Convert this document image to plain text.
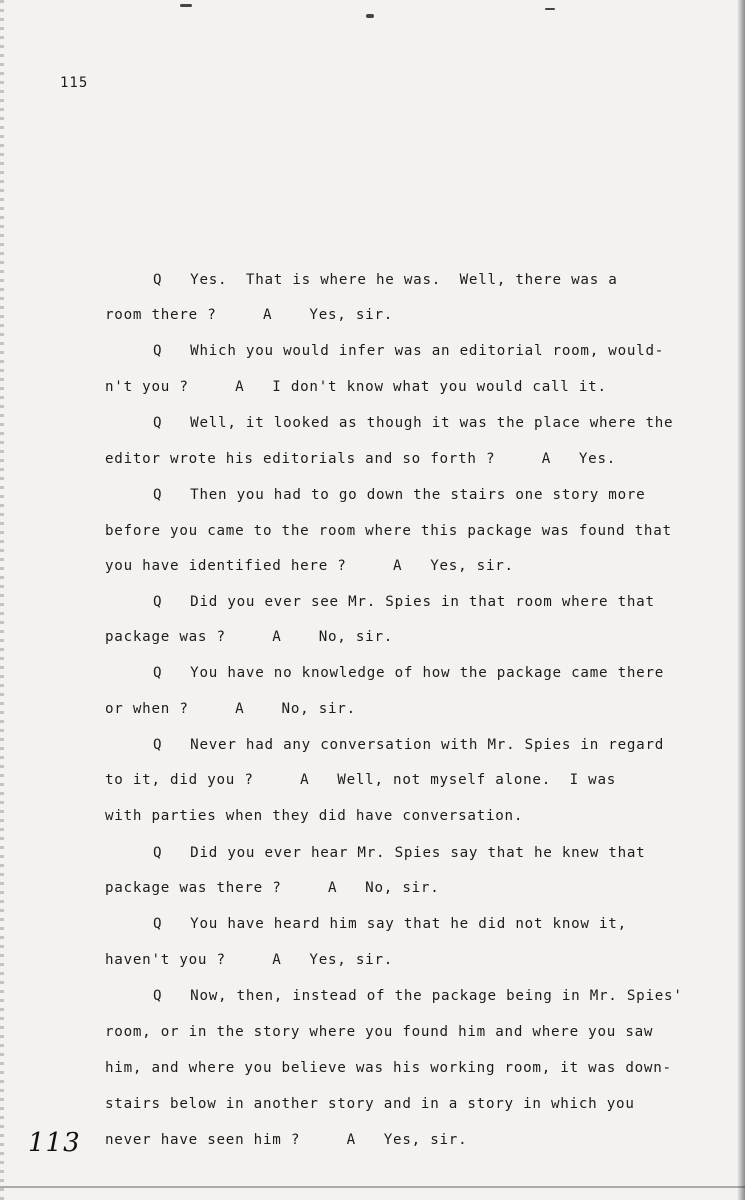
115
Q   Yes.  That is where he was.  Well, there was a
room there ?     A    Yes, sir.
Q   Which you would infer was an editorial room, would-
n't you ?     A   I don't know what you would call it.
Q   Well, it looked as though it was the place where the
editor wrote his editorials and so forth ?     A   Yes.
Q   Then you had to go down the stairs one story more
before you came to the room where this package was found that
you have identified here ?     A   Yes, sir.
Q   Did you ever see Mr. Spies in that room where that
package was ?     A    No, sir.
Q   You have no knowledge of how the package came there
or when ?     A    No, sir.
Q   Never had any conversation with Mr. Spies in regard
to it, did you ?     A   Well, not myself alone.  I was
with parties when they did have conversation.
Q   Did you ever hear Mr. Spies say that he knew that
package was there ?     A   No, sir.
Q   You have heard him say that he did not know it,
haven't you ?     A   Yes, sir.
Q   Now, then, instead of the package being in Mr. Spies'
room, or in the story where you found him and where you saw
him, and where you believe was his working room, it was down-
stairs below in another story and in a story in which you
never have seen him ?     A   Yes, sir.
113
